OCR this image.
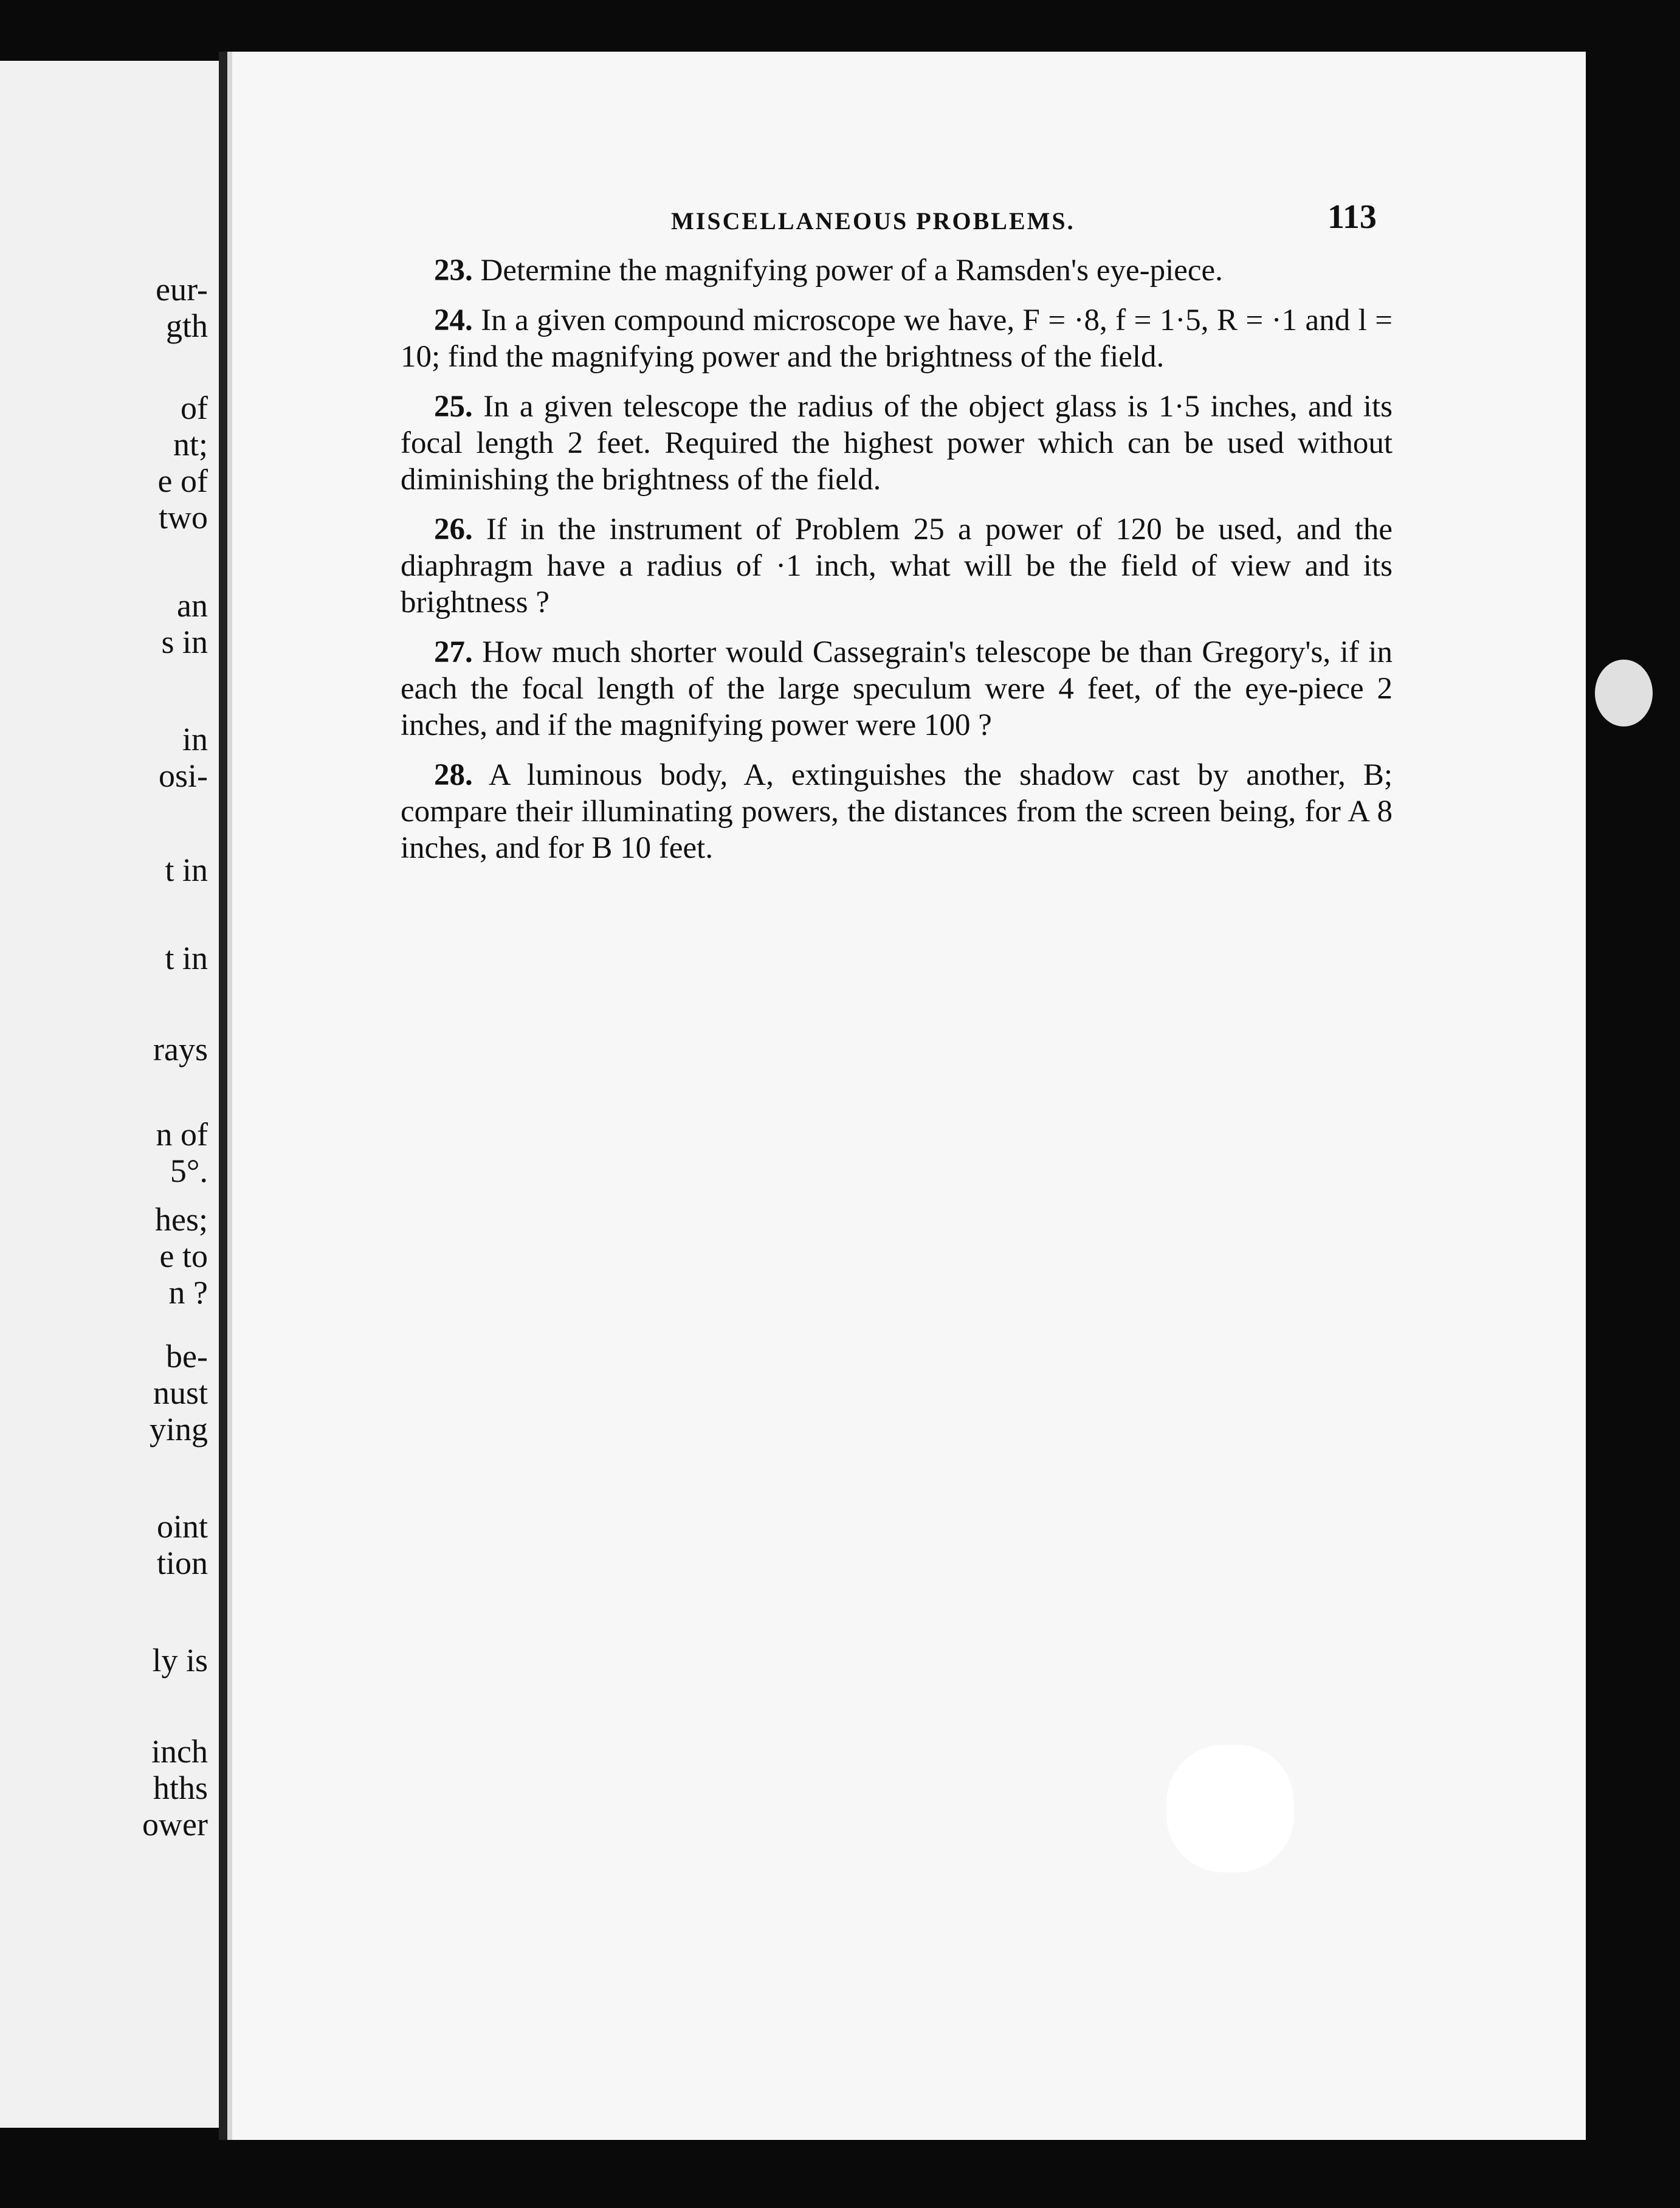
eur-
gth
of
nt;
e of
two
an
s in
in
osi-
t in
t in
rays
n of
5°.
hes;
e to
n ?
be-
nust
ying
oint
tion
ly is
inch
hths
ower
MISCELLANEOUS PROBLEMS.	113

23. Determine the magnifying power of a Ramsden's eye-piece.

24. In a given compound microscope we have, F = ·8, f = 1·5, R = ·1 and l = 10; find the magnifying power and the brightness of the field.

25. In a given telescope the radius of the object glass is 1·5 inches, and its focal length 2 feet. Required the highest power which can be used without diminishing the brightness of the field.

26. If in the instrument of Problem 25 a power of 120 be used, and the diaphragm have a radius of ·1 inch, what will be the field of view and its brightness ?

27. How much shorter would Cassegrain's telescope be than Gregory's, if in each the focal length of the large speculum were 4 feet, of the eye-piece 2 inches, and if the magnifying power were 100 ?

28. A luminous body, A, extinguishes the shadow cast by another, B; compare their illuminating powers, the distances from the screen being, for A 8 inches, and for B 10 feet.
